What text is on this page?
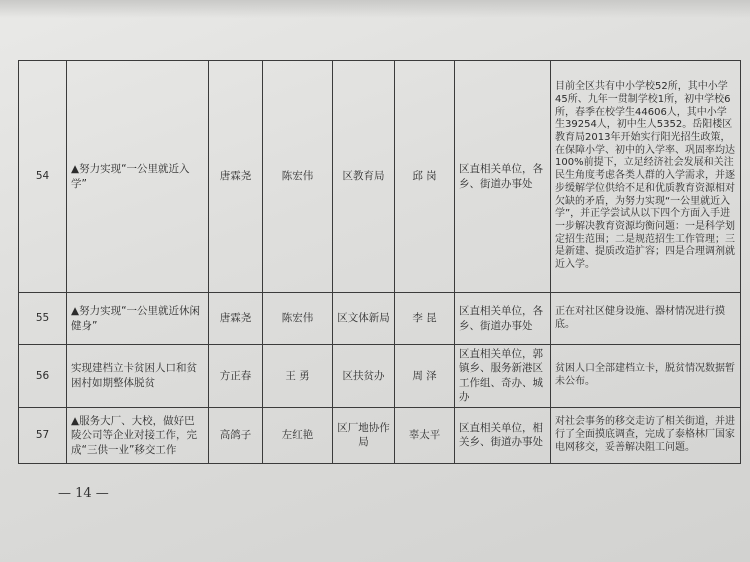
54	▲努力实现“一公里就近入学”	唐霖尧	陈宏伟	区教育局	邱 岗	区直相关单位，各乡、街道办事处	目前全区共有中小学校52所，其中小学45所、九年一贯制学校1所，初中学校6所，春季在校学生44606人，其中小学生39254人，初中生人5352。岳阳楼区教育局2013年开始实行阳光招生政策，在保障小学、初中的入学率、巩固率均达100%前提下，立足经济社会发展和关注民生角度考虑各类人群的入学需求，并逐步缓解学位供给不足和优质教育资源相对欠缺的矛盾，为努力实现“一公里就近入学”，并正学尝试从以下四个方面入手进一步解决教育资源均衡问题：一是科学划定招生范围；二是规范招生工作管理；三是新建、提质改造扩容；四是合理调剂就近入学。
55	▲努力实现“一公里就近休闲健身”	唐霖尧	陈宏伟	区文体新局	李 昆	区直相关单位，各乡、街道办事处	正在对社区健身设施、器材情况进行摸底。
56	实现建档立卡贫困人口和贫困村如期整体脱贫	方正春	王 勇	区扶贫办	周 泽	区直相关单位，郭镇乡、服务新港区工作组、奇办、城办	贫困人口全部建档立卡，脱贫情况数据暂未公布。
57	▲服务大厂、大校，做好巴陵公司等企业对接工作，完成“三供一业”移交工作	高鸽子	左红艳	区厂地协作局	辜太平	区直相关单位，相关乡、街道办事处	对社会事务的移交走访了相关街道，并进行了全面摸底调查，完成了泰格林厂国家电网移交，妥善解决阻工问题。
— 14 —
